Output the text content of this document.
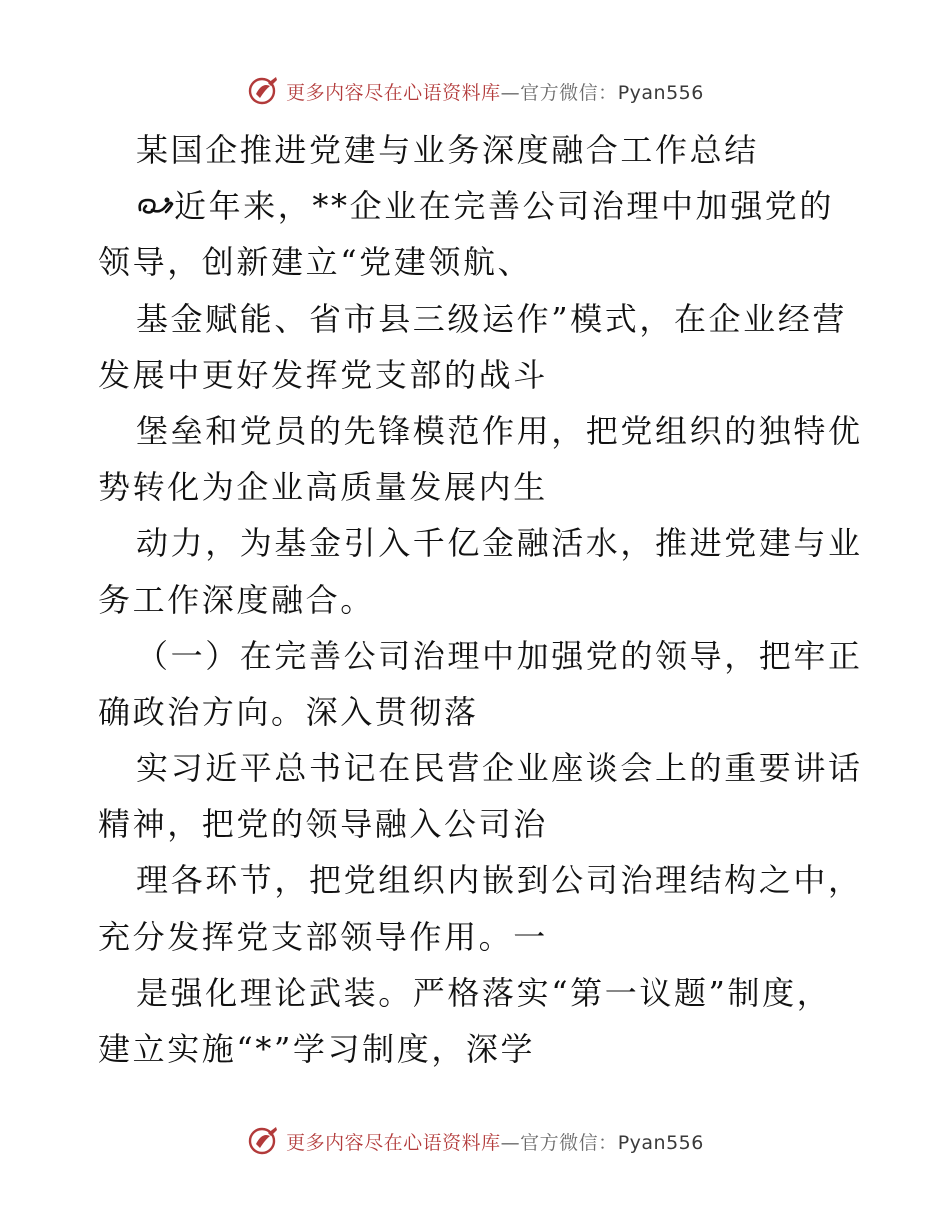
更多内容尽在心语资料库—官方微信：Pyan556
某国企推进党建与业务深度融合工作总结
近年来，**企业在完善公司治理中加强党的
领导，创新建立“党建领航、
基金赋能、省市县三级运作”模式，在企业经营
发展中更好发挥党支部的战斗
堡垒和党员的先锋模范作用，把党组织的独特优
势转化为企业高质量发展内生
动力，为基金引入千亿金融活水，推进党建与业
务工作深度融合。
（一）在完善公司治理中加强党的领导，把牢正
确政治方向。深入贯彻落
实习近平总书记在民营企业座谈会上的重要讲话
精神，把党的领导融入公司治
理各环节，把党组织内嵌到公司治理结构之中，
充分发挥党支部领导作用。一
是强化理论武装。严格落实“第一议题”制度，
建立实施“*”学习制度，深学
更多内容尽在心语资料库—官方微信：Pyan556
